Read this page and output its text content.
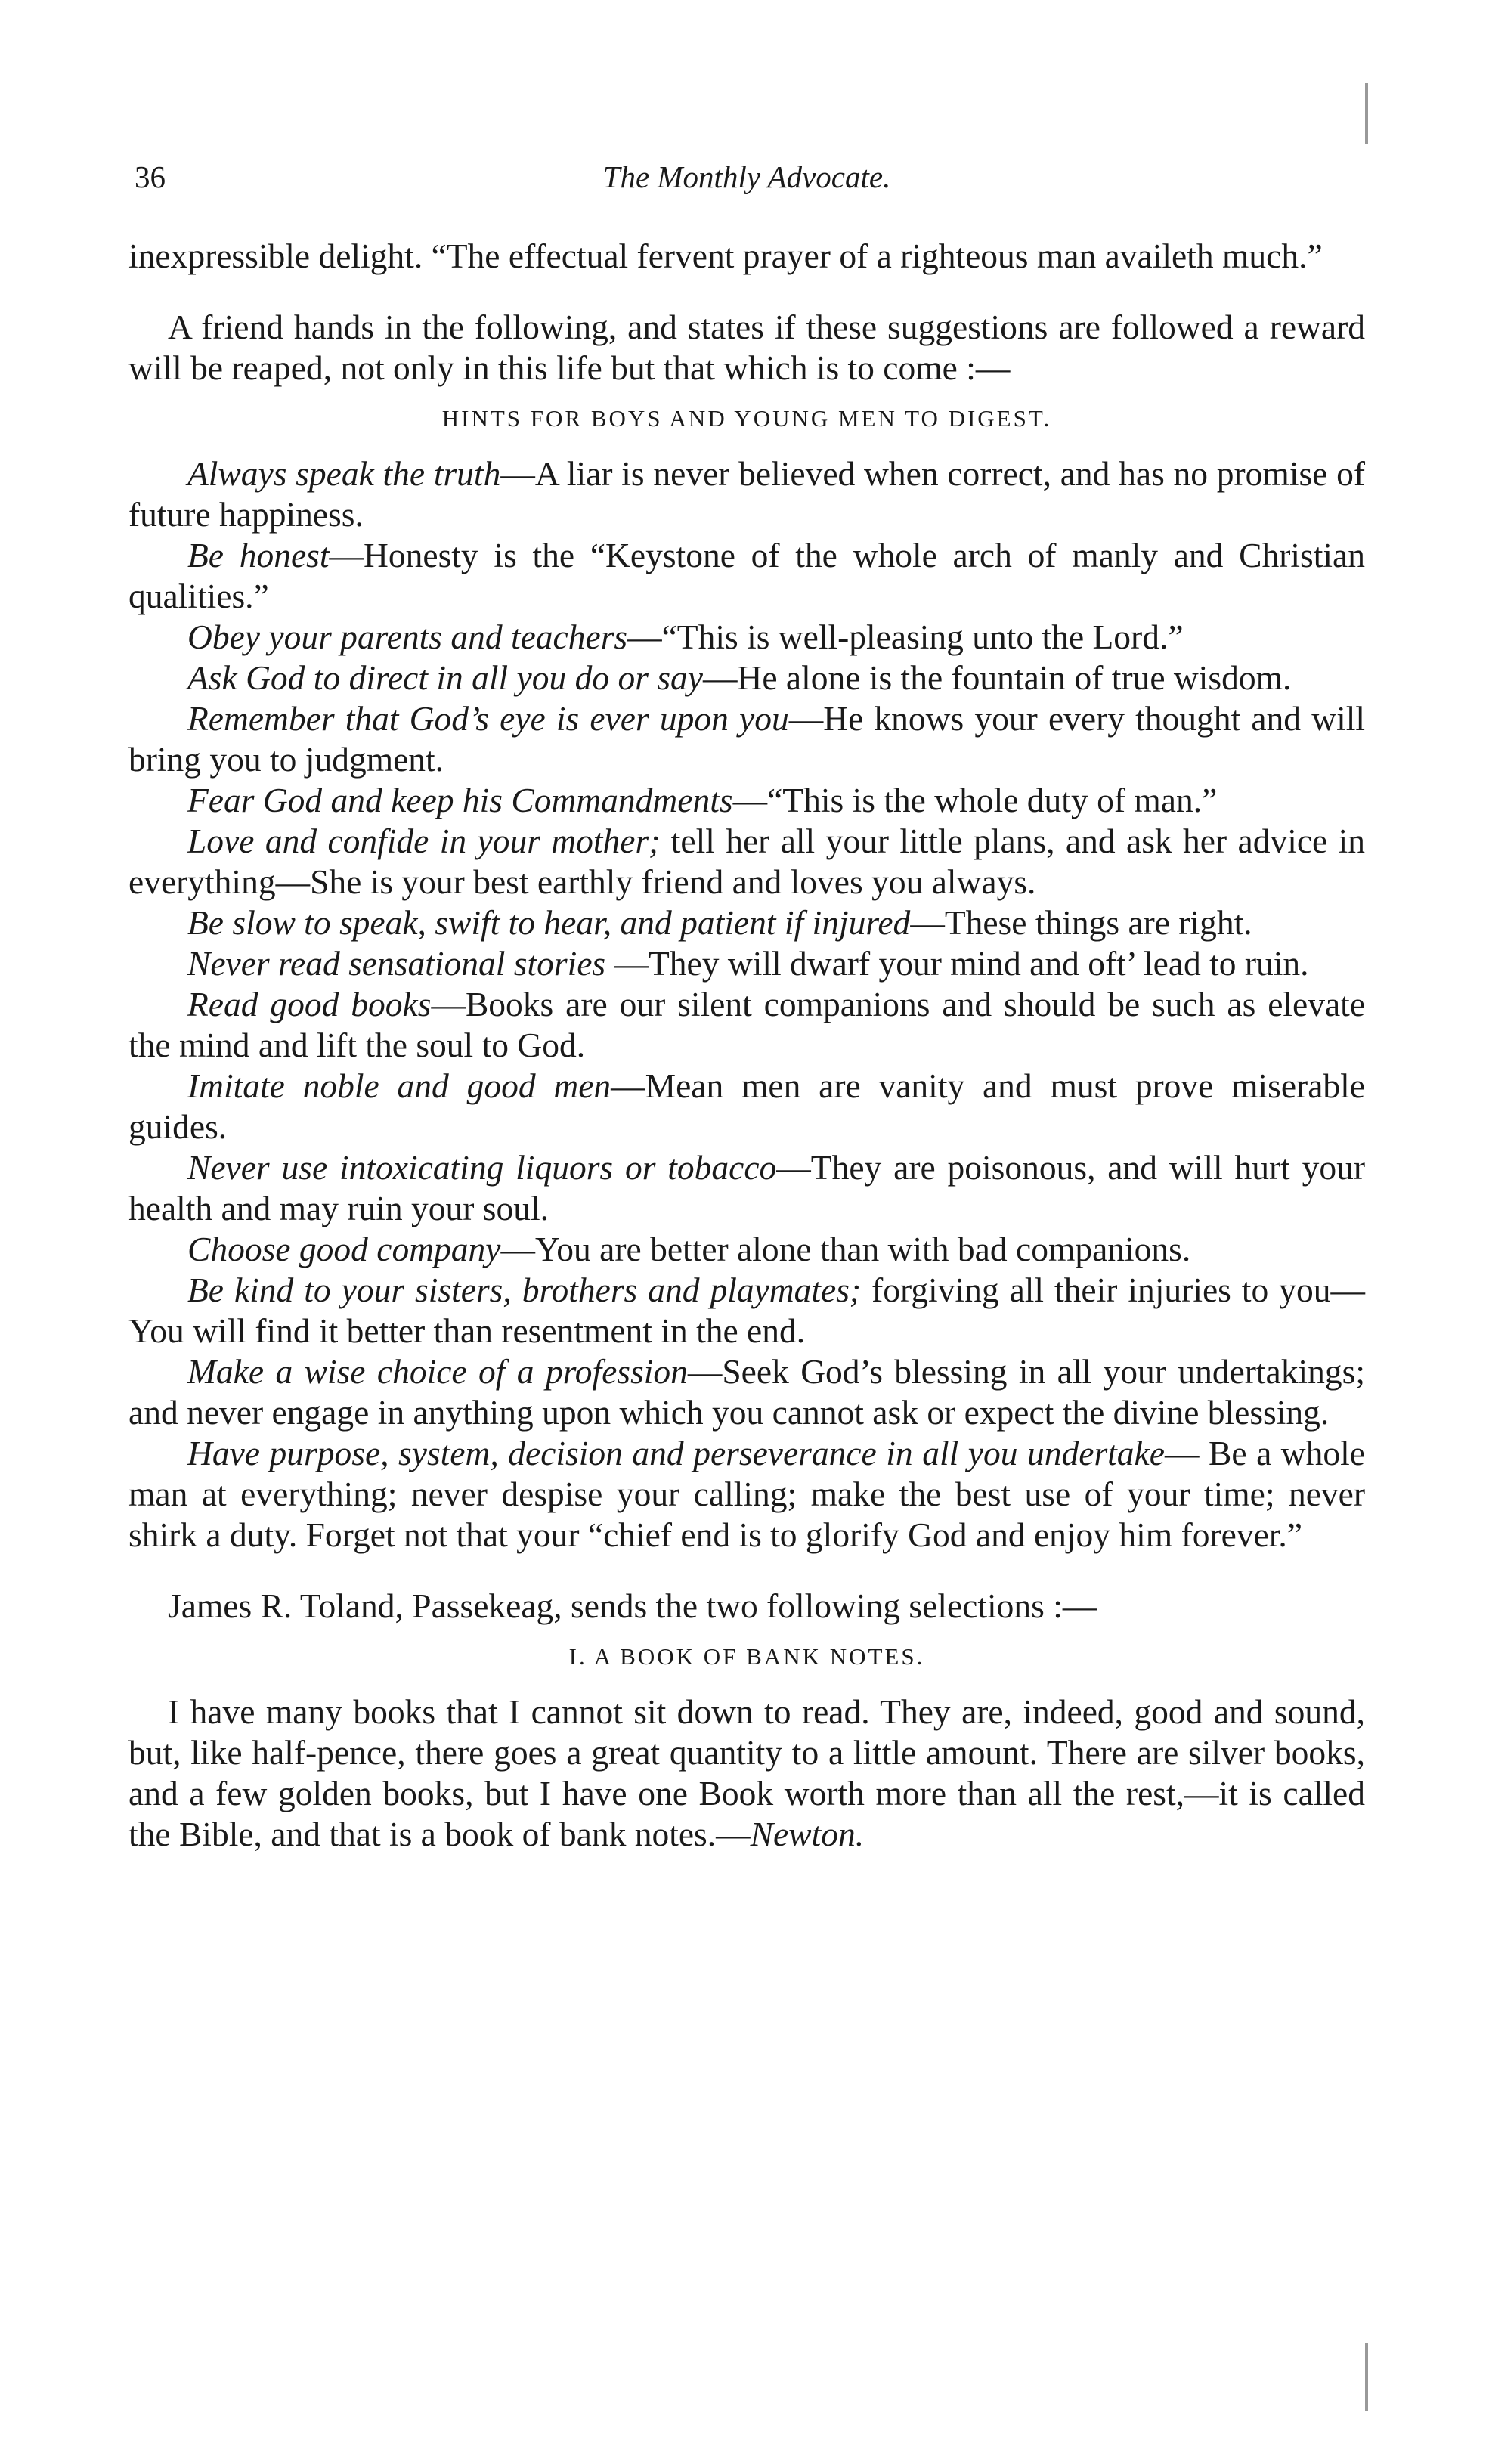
36	The Monthly Advocate.

inexpressible delight. “The effectual fervent prayer of a righteous man availeth much.”

A friend hands in the following, and states if these suggestions are followed a reward will be reaped, not only in this life but that which is to come :—

HINTS FOR BOYS AND YOUNG MEN TO DIGEST.

Always speak the truth—A liar is never believed when correct, and has no promise of future happiness.

Be honest—Honesty is the “Keystone of the whole arch of manly and Christian qualities.”

Obey your parents and teachers—“This is well-pleasing unto the Lord.”

Ask God to direct in all you do or say—He alone is the fountain of true wisdom.

Remember that God’s eye is ever upon you—He knows your every thought and will bring you to judgment.

Fear God and keep his Commandments—“This is the whole duty of man.”

Love and confide in your mother; tell her all your little plans, and ask her advice in everything—She is your best earthly friend and loves you always.

Be slow to speak, swift to hear, and patient if injured—These things are right.

Never read sensational stories —They will dwarf your mind and oft’ lead to ruin.

Read good books—Books are our silent companions and should be such as elevate the mind and lift the soul to God.

Imitate noble and good men—Mean men are vanity and must prove miserable guides.

Never use intoxicating liquors or tobacco—They are poisonous, and will hurt your health and may ruin your soul.

Choose good company—You are better alone than with bad companions.

Be kind to your sisters, brothers and playmates; forgiving all their injuries to you—You will find it better than resentment in the end.

Make a wise choice of a profession—Seek God’s blessing in all your undertakings; and never engage in anything upon which you cannot ask or expect the divine blessing.

Have purpose, system, decision and perseverance in all you undertake— Be a whole man at everything; never despise your calling; make the best use of your time; never shirk a duty. Forget not that your “chief end is to glorify God and enjoy him forever.”

James R. Toland, Passekeag, sends the two following selections :—

I. A BOOK OF BANK NOTES.

I have many books that I cannot sit down to read. They are, indeed, good and sound, but, like half-pence, there goes a great quantity to a little amount. There are silver books, and a few golden books, but I have one Book worth more than all the rest,—it is called the Bible, and that is a book of bank notes.—Newton.
